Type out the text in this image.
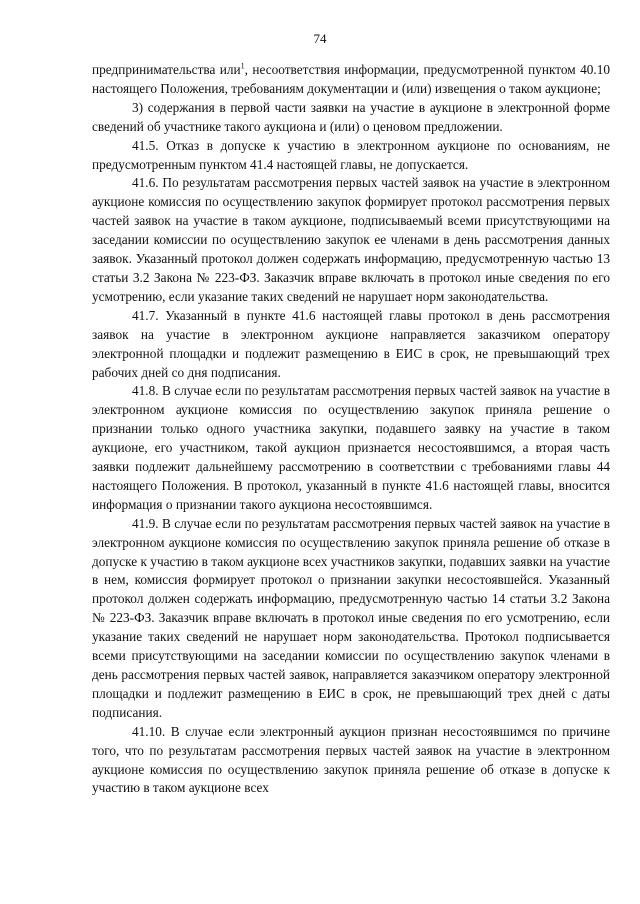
74

предпринимательства или$^1$, несоответствия информации, предусмотренной пунктом 40.10 настоящего Положения, требованиям документации и (или) извещения о таком аукционе;

3) содержания в первой части заявки на участие в аукционе в электронной форме сведений об участнике такого аукциона и (или) о ценовом предложении.

41.5. Отказ в допуске к участию в электронном аукционе по основаниям, не предусмотренным пунктом 41.4 настоящей главы, не допускается.

41.6. По результатам рассмотрения первых частей заявок на участие в электронном аукционе комиссия по осуществлению закупок формирует протокол рассмотрения первых частей заявок на участие в таком аукционе, подписываемый всеми присутствующими на заседании комиссии по осуществлению закупок ее членами в день рассмотрения данных заявок. Указанный протокол должен содержать информацию, предусмотренную частью 13 статьи 3.2 Закона № 223-ФЗ. Заказчик вправе включать в протокол иные сведения по его усмотрению, если указание таких сведений не нарушает норм законодательства.

41.7. Указанный в пункте 41.6 настоящей главы протокол в день рассмотрения заявок на участие в электронном аукционе направляется заказчиком оператору электронной площадки и подлежит размещению в ЕИС в срок, не превышающий трех рабочих дней со дня подписания.

41.8. В случае если по результатам рассмотрения первых частей заявок на участие в электронном аукционе комиссия по осуществлению закупок приняла решение о признании только одного участника закупки, подавшего заявку на участие в таком аукционе, его участником, такой аукцион признается несостоявшимся, а вторая часть заявки подлежит дальнейшему рассмотрению в соответствии с требованиями главы 44 настоящего Положения. В протокол, указанный в пункте 41.6 настоящей главы, вносится информация о признании такого аукциона несостоявшимся.

41.9. В случае если по результатам рассмотрения первых частей заявок на участие в электронном аукционе комиссия по осуществлению закупок приняла решение об отказе в допуске к участию в таком аукционе всех участников закупки, подавших заявки на участие в нем, комиссия формирует протокол о признании закупки несостоявшейся. Указанный протокол должен содержать информацию, предусмотренную частью 14 статьи 3.2 Закона № 223-ФЗ. Заказчик вправе включать в протокол иные сведения по его усмотрению, если указание таких сведений не нарушает норм законодательства. Протокол подписывается всеми присутствующими на заседании комиссии по осуществлению закупок членами в день рассмотрения первых частей заявок, направляется заказчиком оператору электронной площадки и подлежит размещению в ЕИС в срок, не превышающий трех дней с даты подписания.

41.10. В случае если электронный аукцион признан несостоявшимся по причине того, что по результатам рассмотрения первых частей заявок на участие в электронном аукционе комиссия по осуществлению закупок приняла решение об отказе в допуске к участию в таком аукционе всех
